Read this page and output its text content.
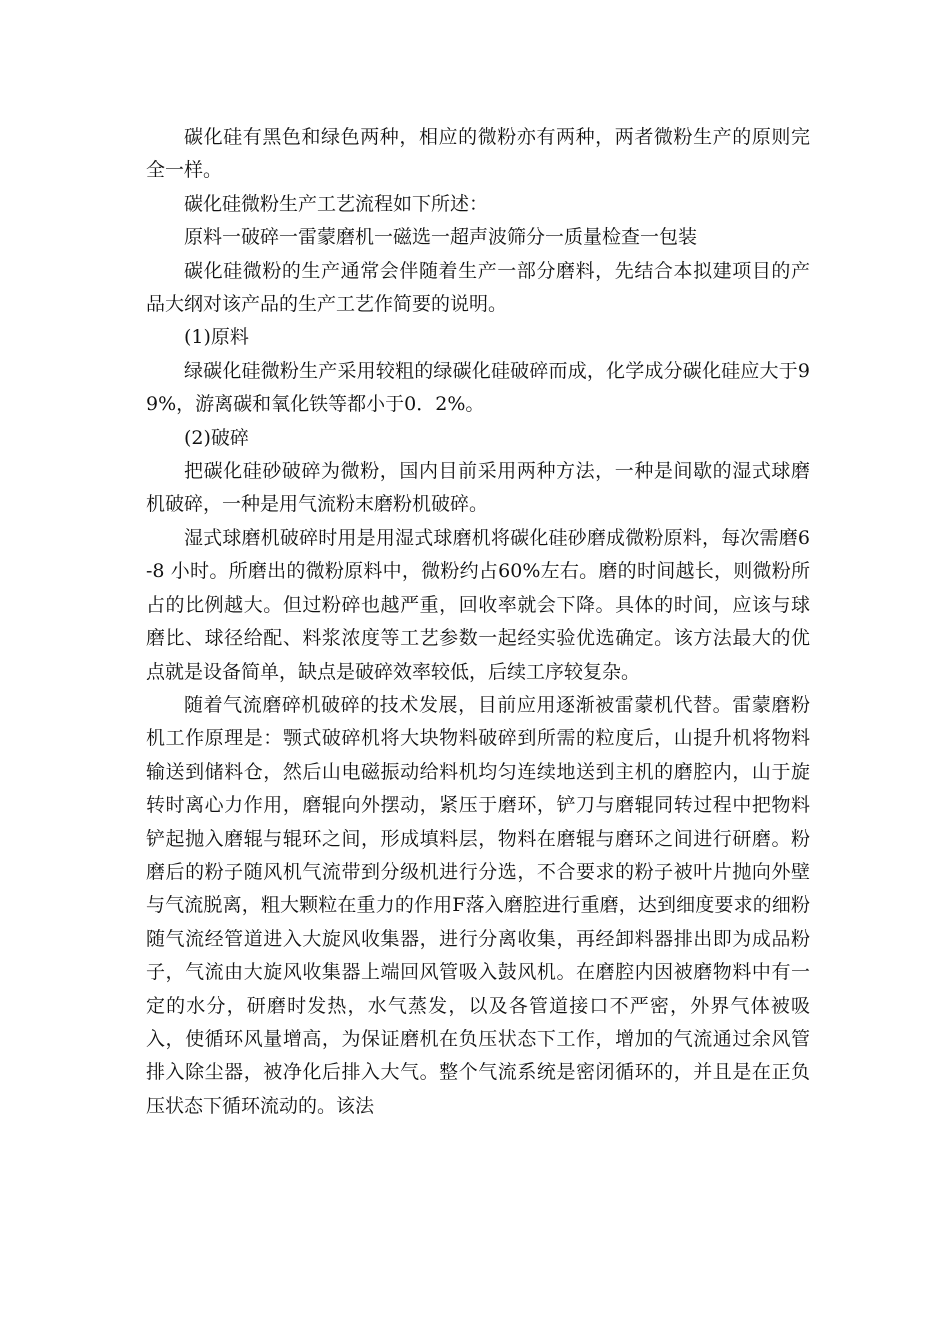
碳化硅有黑色和绿色两种，相应的微粉亦有两种，两者微粉生产的原则完全一样。

碳化硅微粉生产工艺流程如下所述：

原料一破碎一雷蒙磨机一磁选一超声波筛分一质量检查一包装

碳化硅微粉的生产通常会伴随着生产一部分磨料，先结合本拟建项目的产品大纲对该产品的生产工艺作简要的说明。

(1)原料

绿碳化硅微粉生产采用较粗的绿碳化硅破碎而成，化学成分碳化硅应大于99%，游离碳和氧化铁等都小于0．2%。

(2)破碎

把碳化硅砂破碎为微粉，国内目前采用两种方法，一种是间歇的湿式球磨机破碎，一种是用气流粉末磨粉机破碎。

湿式球磨机破碎时用是用湿式球磨机将碳化硅砂磨成微粉原料，每次需磨6-8 小时。所磨出的微粉原料中，微粉约占60%左右。磨的时间越长，则微粉所占的比例越大。但过粉碎也越严重，回收率就会下降。具体的时间，应该与球磨比、球径给配、料浆浓度等工艺参数一起经实验优选确定。该方法最大的优点就是设备简单，缺点是破碎效率较低，后续工序较复杂。

随着气流磨碎机破碎的技术发展，目前应用逐渐被雷蒙机代替。雷蒙磨粉机工作原理是：颚式破碎机将大块物料破碎到所需的粒度后，山提升机将物料输送到储料仓，然后山电磁振动给料机均匀连续地送到主机的磨腔内，山于旋转时离心力作用，磨辊向外摆动，紧压于磨环，铲刀与磨辊同转过程中把物料铲起抛入磨辊与辊环之间，形成填料层，物料在磨辊与磨环之间进行研磨。粉磨后的粉子随风机气流带到分级机进行分选，不合要求的粉子被叶片抛向外壁与气流脱离，粗大颗粒在重力的作用F落入磨腔进行重磨，达到细度要求的细粉随气流经管道进入大旋风收集器，进行分离收集，再经卸料器排出即为成品粉子，气流由大旋风收集器上端回风管吸入鼓风机。在磨腔内因被磨物料中有一定的水分，研磨时发热，水气蒸发，以及各管道接口不严密，外界气体被吸入，使循环风量增高，为保证磨机在负压状态下工作，增加的气流通过余风管排入除尘器，被净化后排入大气。整个气流系统是密闭循环的，并且是在正负压状态下循环流动的。该法
